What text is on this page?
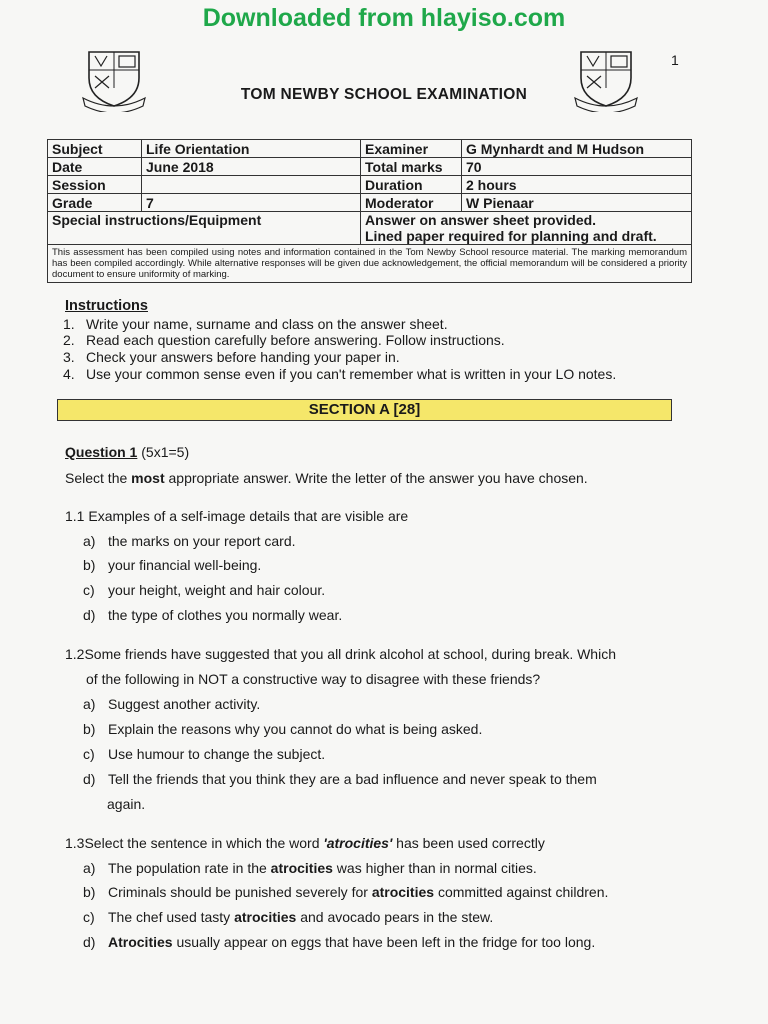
Downloaded from hlayiso.com
1
TOM NEWBY SCHOOL EXAMINATION
Subject	Life Orientation	Examiner	G Mynhardt and M Hudson
Date	June 2018	Total marks	70
Session		Duration	2 hours
Grade	7	Moderator	W Pienaar
Special instructions/Equipment		Answer on answer sheet provided.
Lined paper required for planning and draft.	

This assessment has been compiled using notes and information contained in the Tom Newby School resource material. The marking memorandum has been compiled accordingly. While alternative responses will be given due acknowledgement, the official memorandum will be considered a priority document to ensure uniformity of marking.			
Instructions
1. Write your name, surname and class on the answer sheet.
2. Read each question carefully before answering. Follow instructions.
3. Check your answers before handing your paper in.
4. Use your common sense even if you can't remember what is written in your LO notes.
SECTION A [28]
Question 1 (5x1=5)
Select the most appropriate answer. Write the letter of the answer you have chosen.
1.1 Examples of a self-image details that are visible are
a) the marks on your report card.
b) your financial well-being.
c) your height, weight and hair colour.
d) the type of clothes you normally wear.
1.2Some friends have suggested that you all drink alcohol at school, during break. Which
of the following in NOT a constructive way to disagree with these friends?
a) Suggest another activity.
b) Explain the reasons why you cannot do what is being asked.
c) Use humour to change the subject.
d) Tell the friends that you think they are a bad influence and never speak to them
again.
1.3Select the sentence in which the word 'atrocities' has been used correctly
a) The population rate in the atrocities was higher than in normal cities.
b) Criminals should be punished severely for atrocities committed against children.
c) The chef used tasty atrocities and avocado pears in the stew.
d) Atrocities usually appear on eggs that have been left in the fridge for too long.
